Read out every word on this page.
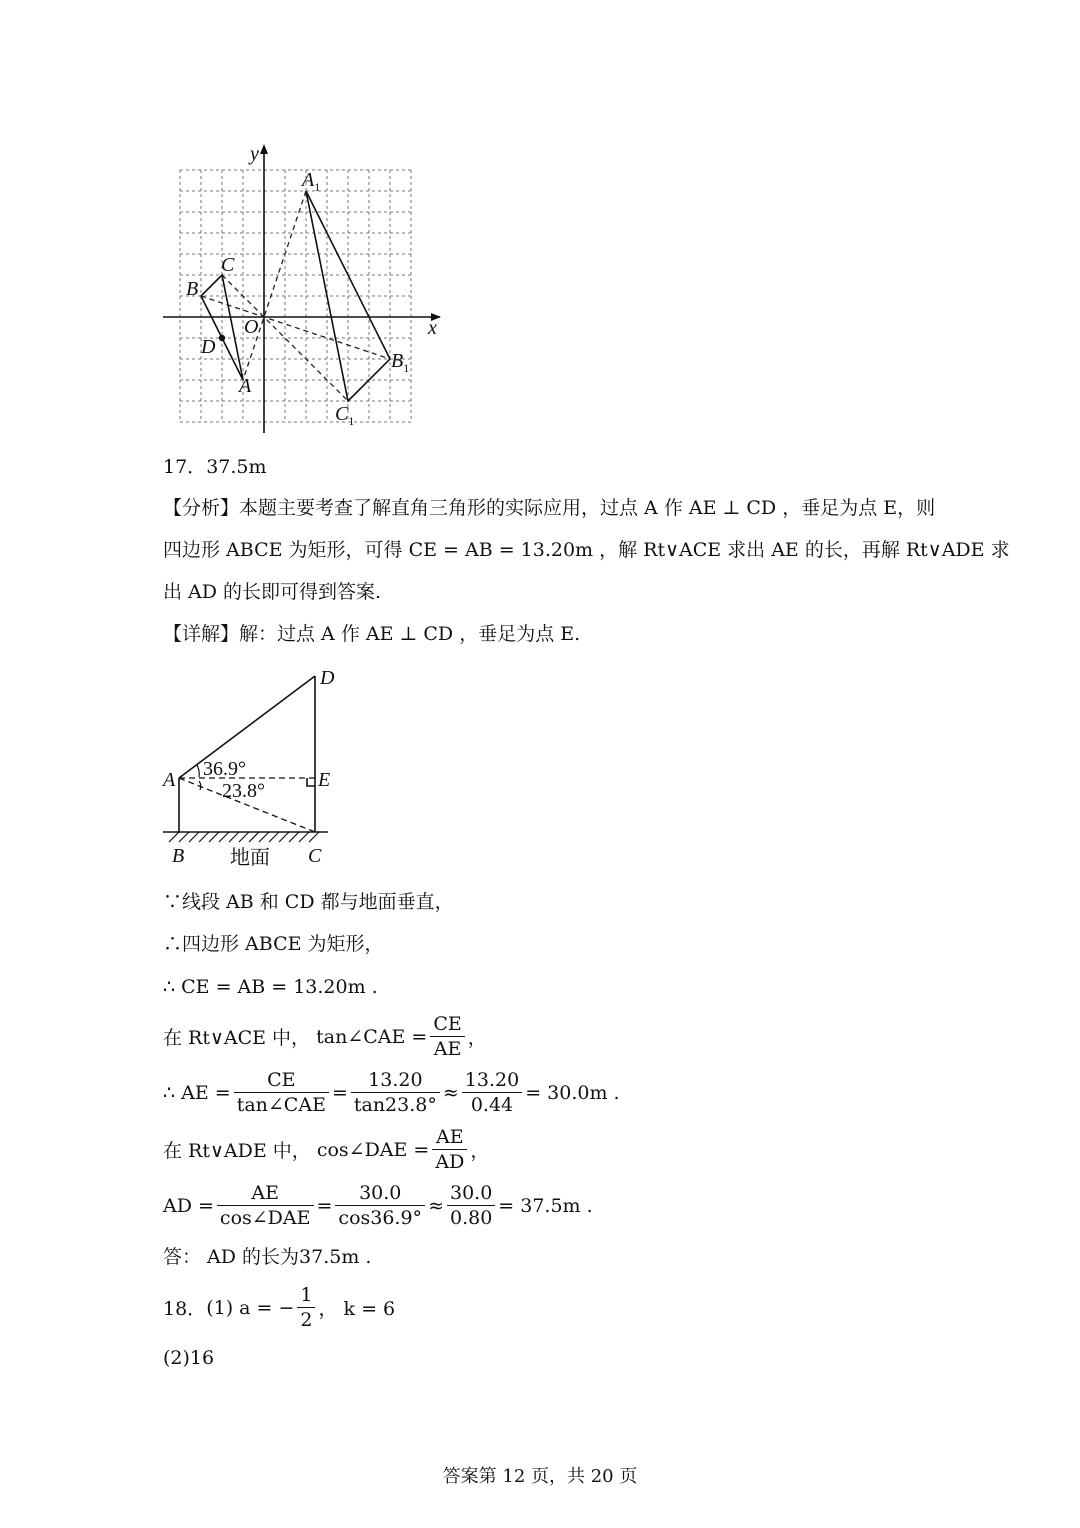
y
x
O
$A_1$
$B_1$
$C_1$
C
B
D
A
17．37.5m
【分析】本题主要考查了解直角三角形的实际应用，过点 A 作 AE ⊥ CD ，垂足为点 E，则
四边形 ABCE 为矩形，可得 CE = AB = 13.20m ，解 Rt∨ACE 求出 AE 的长，再解 Rt∨ADE 求
出 AD 的长即可得到答案.
【详解】解：过点 A 作 AE ⊥ CD ，垂足为点 E.
D
A	E
B	C
36.9°
23.8°
地面
∵线段 AB 和 CD 都与地面垂直，
∴四边形 ABCE 为矩形，
∴ CE = AB = 13.20m .
在 Rt∨ACE 中，
tan∠CAE = $\frac{CE}{AE}$ ，
∴ AE = $\frac{CE}{\text{tan∠CAE}} = \frac{13.20}{\tan 23.8^\circ} \approx \frac{13.20}{0.44} = 30.0m$ .
在 Rt∨ADE 中，
cos∠DAE = $\frac{AE}{AD}$ ，
AD = $\frac{AE}{\text{cos∠DAE}} = \frac{30.0}{\cos 36.9^\circ} \approx \frac{30.0}{0.80} = 37.5m$ .
答： AD 的长为37.5m .
18． (1) a = − $\frac{1}{2}$ ， k = 6
(2)16
答案第 12 页，共 20 页
